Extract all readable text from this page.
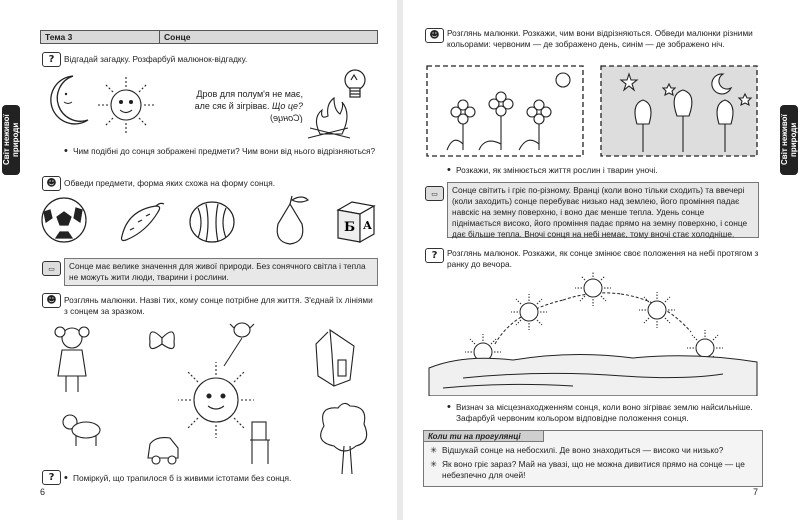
Тема 3	Сонце
Світ неживої природи
?	Відгадай загадку. Розфарбуй малюнок-відгадку.
Дров для полум'я не має,
але сяє й зігріває. Що це?
(Сонце)
• Чим подібні до сонця зображені предмети? Чим вони від нього відрізняються?
☻ Обведи предмети, форма яких схожа на форму сонця.
Б А
▭	Сонце має велике значення для живої природи. Без сонячного світла і тепла не можуть жити люди, тварини і рослини.
☻ Розглянь малюнки. Назві тих, кому сонце потрібне для життя. З'єднай їх лініями з сонцем за зразком.
?
•	Поміркуй, що трапилося б із живими істотами без сонця.
6
Світ неживої природи
☻ Розглянь малюнки. Розкажи, чим вони відрізняються. Обведи малюнки різними кольорами: червоним — де зображено день, синім — де зображено ніч.
• Розкажи, як змінюється життя рослин і тварин уночі.
▭	Сонце світить і гріє по-різному. Вранці (коли воно тільки сходить) та ввечері (коли заходить) сонце перебуває низько над землею, його проміння падає навскіс на земну поверхню, і воно дає менше тепла. Удень сонце піднімається високо, його проміння падає прямо на земну поверхню, і сонце дає більше тепла. Вночі сонця на небі немає, тому вночі стає холодніше.
?	Розглянь малюнок. Розкажи, як сонце змінює своє положення на небі протягом з ранку до вечора.
• Визнач за місцезнаходженням сонця, коли воно зігріває землю найсильніше. Зафарбуй червоним кольором відповідне положення сонця.
Коли ти на прогулянці
✳ Відшукай сонце на небосхилі. Де воно знаходиться — високо чи низько?
✳ Як воно гріє зараз? Май на увазі, що не можна дивитися прямо на сонце — це небезпечно для очей!
7
